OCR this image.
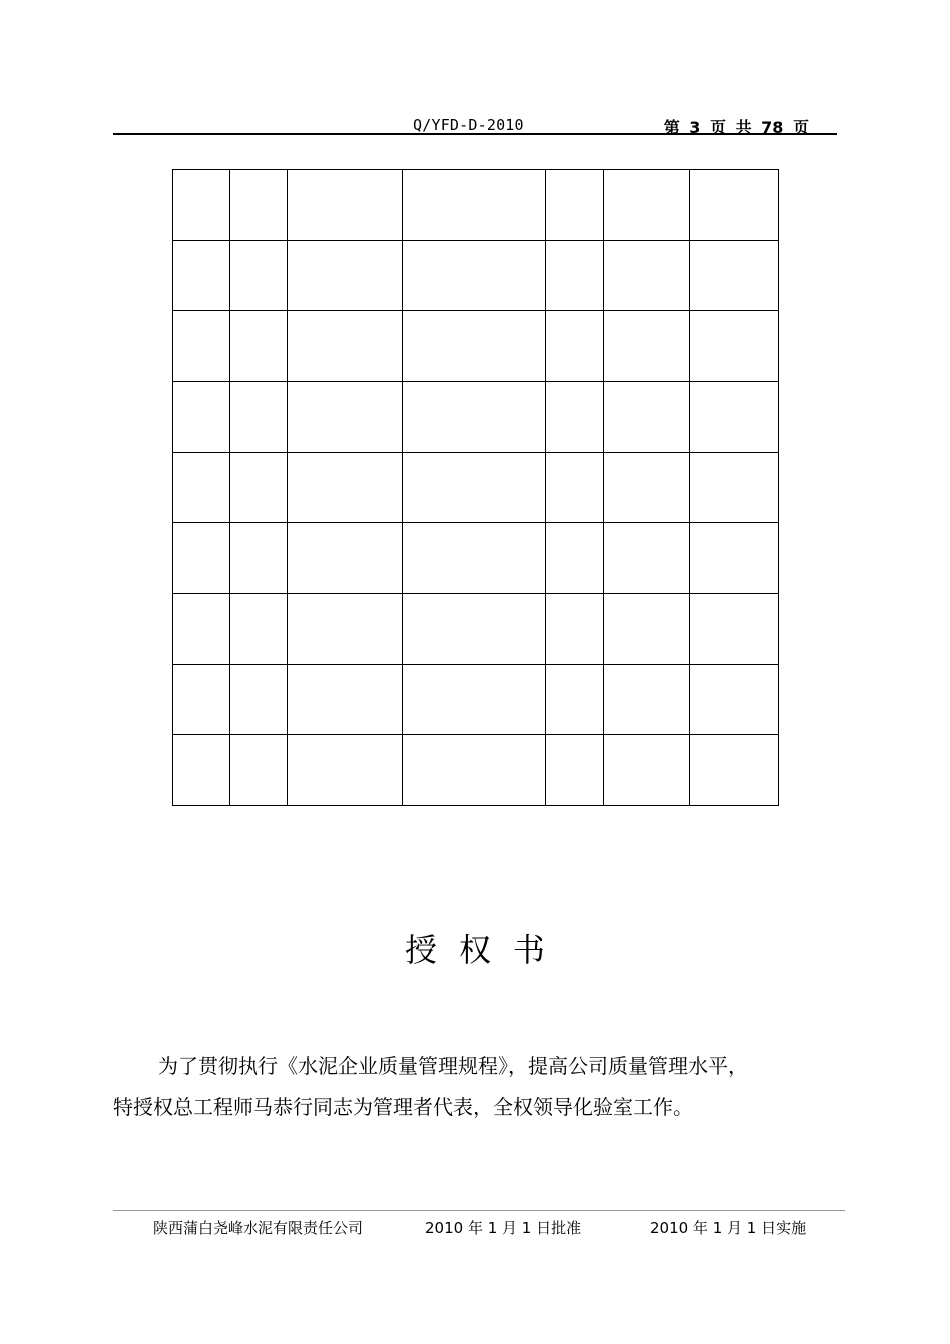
Q/YFD-D-2010	第 3 页 共 78 页

授权书

为了贯彻执行《水泥企业质量管理规程》，提高公司质量管理水平，

特授权总工程师马恭行同志为管理者代表，全权领导化验室工作。

陕西蒲白尧峰水泥有限责任公司	2010 年 1 月 1 日批准	2010 年 1 月 1 日实施
